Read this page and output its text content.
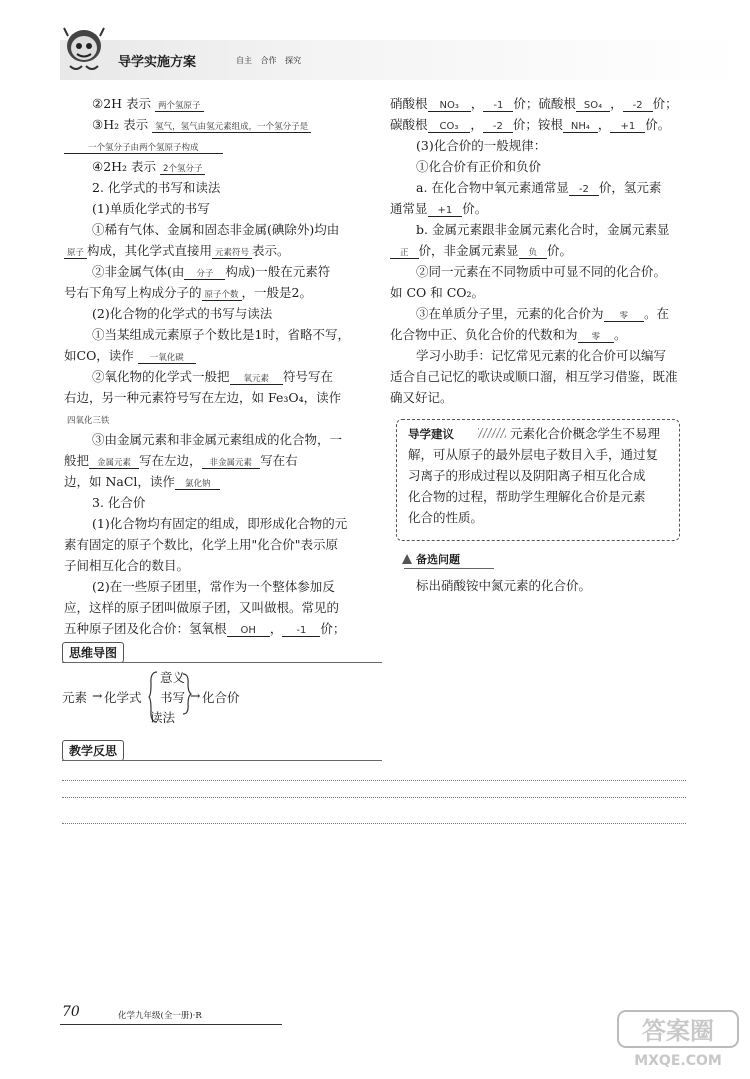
导学实施方案	自主 合作 探究
②2H 表示 两个氢原子
③H₂ 表示 氢气，氢气由氢元素组成，一个氢分子是
一个氢分子由两个氢原子构成
④2H₂ 表示 2个氢分子
2. 化学式的书写和读法
(1)单质化学式的书写
①稀有气体、金属和固态非金属(碘除外)均由
原子 构成，其化学式直接用 元素符号 表示。
②非金属气体(由 分子 构成)一般在元素符
号右下角写上构成分子的 原子个数 ，一般是2。
(2)化合物的化学式的书写与读法
①当某组成元素原子个数比是1时，省略不写，
如CO，读作 一氧化碳
②氧化物的化学式一般把 氧元素 符号写在
右边，另一种元素符号写在左边，如 Fe₃O₄，读作
四氧化三铁
③由金属元素和非金属元素组成的化合物，一
般把 金属元素 写在左边， 非金属元素 写在右
边，如 NaCl，读作 氯化钠
3. 化合价
(1)化合物均有固定的组成，即形成化合物的元
素有固定的原子个数比，化学上用"化合价"表示原
子间相互化合的数目。
(2)在一些原子团里，常作为一个整体参加反
应，这样的原子团叫做原子团，又叫做根。常见的
五种原子团及化合价：氢氧根 OH ， -1 价；
硝酸根 NO₃ ， -1 价；硫酸根 SO₄ ， -2 价；
碳酸根 CO₃ ， -2 价；铵根 NH₄ ， +1 价。
(3)化合价的一般规律：
①化合价有正价和负价
a. 在化合物中氧元素通常显 -2 价，氢元素
通常显 +1 价。
b. 金属元素跟非金属元素化合时，金属元素显
正 价，非金属元素显 负 价。
②同一元素在不同物质中可显不同的化合价。
如 CO 和 CO₂。
③在单质分子里，元素的化合价为 零 。在
化合物中正、负化合价的代数和为 零 。
学习小助手：记忆常见元素的化合价可以编写
适合自己记忆的歌诀或顺口溜，相互学习借鉴，既准
确又好记。
导学建议	元素化合价概念学生不易理
解，可从原子的最外层电子数目入手，通过复
习离子的形成过程以及阴阳离子相互化合成
化合物的过程，帮助学生理解化合价是元素
化合的性质。
备选问题
标出硝酸铵中氮元素的化合价。
思维导图
元素 → 化学式
意义
书写
读法
→ 化合价
教学反思
70	化学九年级(全一册)·R
答案圈
MXQE.COM
